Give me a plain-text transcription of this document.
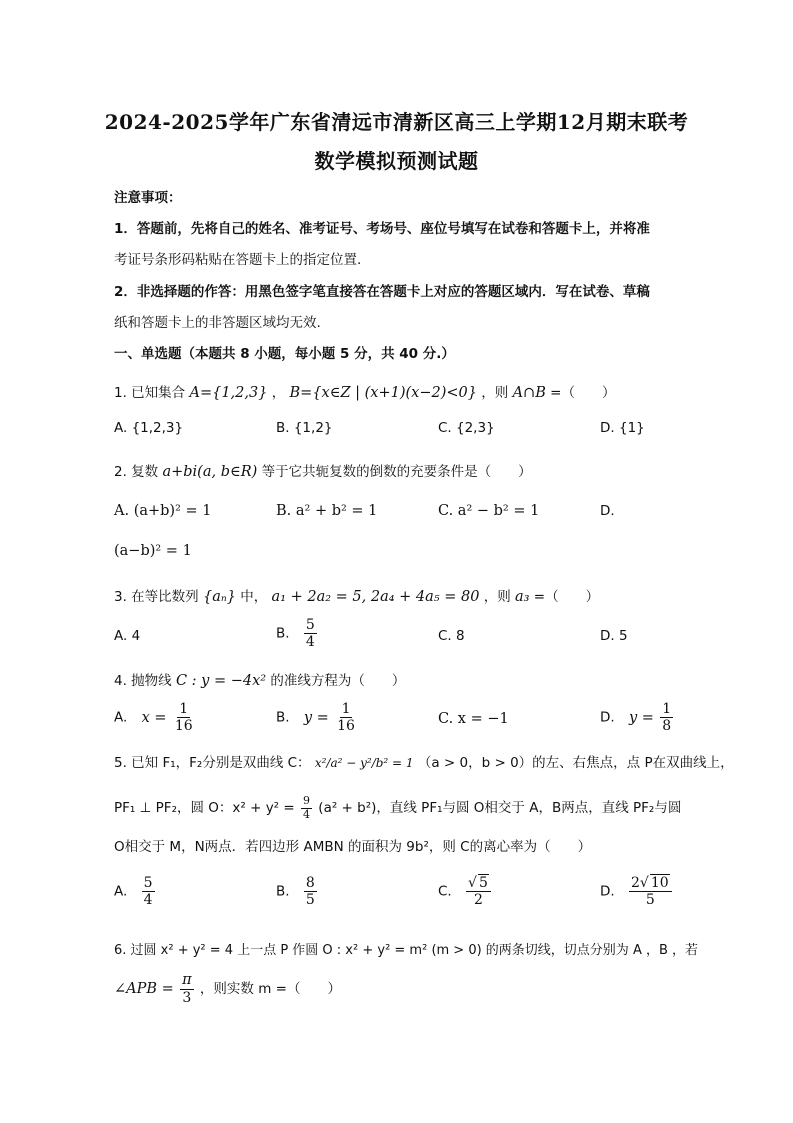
2024-2025学年广东省清远市清新区高三上学期12月期末联考
数学模拟预测试题
注意事项：
1．答题前，先将自己的姓名、准考证号、考场号、座位号填写在试卷和答题卡上，并将准
考证号条形码粘贴在答题卡上的指定位置.
2．非选择题的作答：用黑色签字笔直接答在答题卡上对应的答题区域内．写在试卷、草稿
纸和答题卡上的非答题区域均无效.
一、单选题（本题共 8 小题，每小题 5 分，共 40 分.）
1. 已知集合 A={1,2,3} ， B={x∈Z | (x+1)(x−2)<0} ，则 A∩B =（　　）
A. {1,2,3}	B. {1,2}	C. {2,3}	D. {1}
2. 复数 a+bi(a, b∈R) 等于它共轭复数的倒数的充要条件是（　　）
A. (a+b)² = 1	B. a² + b² = 1	C. a² − b² = 1	D.
(a−b)² = 1
3. 在等比数列 {aₙ} 中， a₁ + 2a₂ = 5, 2a₄ + 4a₅ = 80 ，则 a₃ =（　　）
A. 4	B. $\frac{5}{4}$	C. 8	D. 5
4. 抛物线 C : y = −4x² 的准线方程为（　　）
A. $x = \frac{1}{16}$	B. $y = \frac{1}{16}$	C. x = −1	D. $y = \frac{1}{8}$
5. 已知 F₁，F₂分别是双曲线 C： x²/a² − y²/b² = 1 （a > 0，b > 0）的左、右焦点，点 P在双曲线上，
PF₁ ⊥ PF₂，圆 O：$x^2 + y^2 = \frac{9}{4} (a^2 + b^2)$，直线 PF₁与圆 O相交于 A，B两点，直线 PF₂与圆
O相交于 M，N两点．若四边形 AMBN 的面积为 9b²，则 C的离心率为（　　）
A. $\frac{5}{4}$	B. $\frac{8}{5}$	C. $\frac{√ 5}{2}$	D. $\frac{2√ 10}{5}$
6. 过圆 x² + y² = 4 上一点 P 作圆 O : x² + y² = m² (m > 0) 的两条切线，切点分别为 A ，B ，若
∠APB = $\frac{\pi}{3}$ ，则实数 m =（　　）
